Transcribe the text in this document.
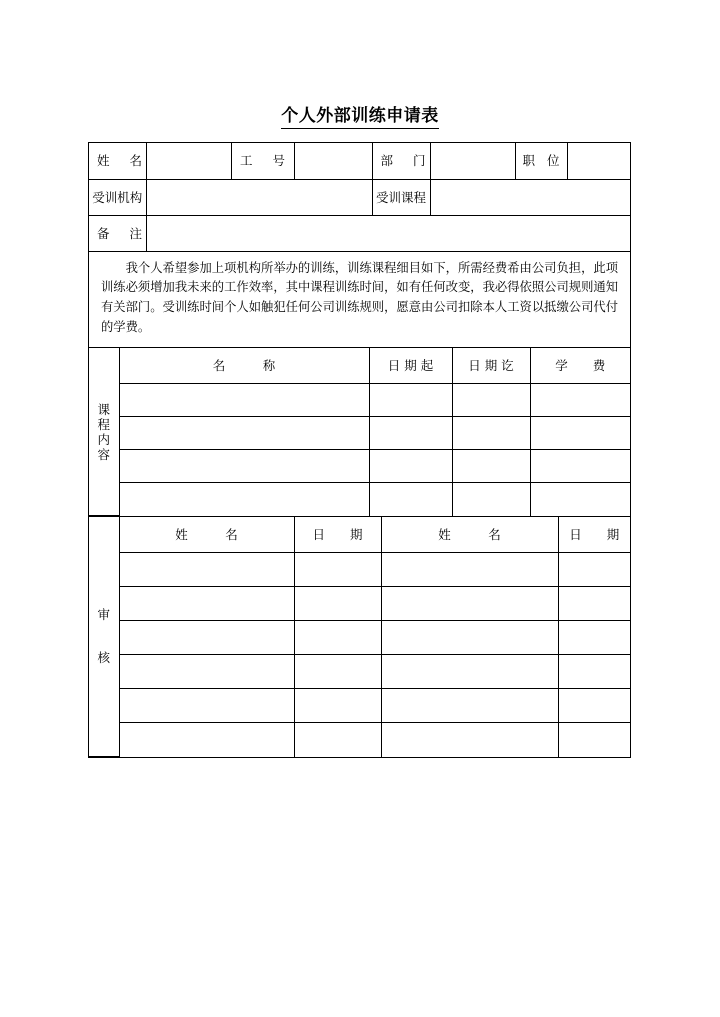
个人外部训练申请表
姓 名		工 号		部 门		职 位	
受训机构				受训课程			
备 注							

我个人希望参加上项机构所举办的训练，训练课程细目如下，所需经费希由公司负担，此项训练必须增加我未来的工作效率，其中课程训练时间，如有任何改变，我必得依照公司规则通知有关部门。受训练时间个人如触犯任何公司训练规则，愿意由公司扣除本人工资以抵缴公司代付的学费。							

课
程
内
容	名　　　称	日 期 起	日 期 讫	学　　费

审
核	姓　　　名	日　　期	姓　　　名	日　　期
